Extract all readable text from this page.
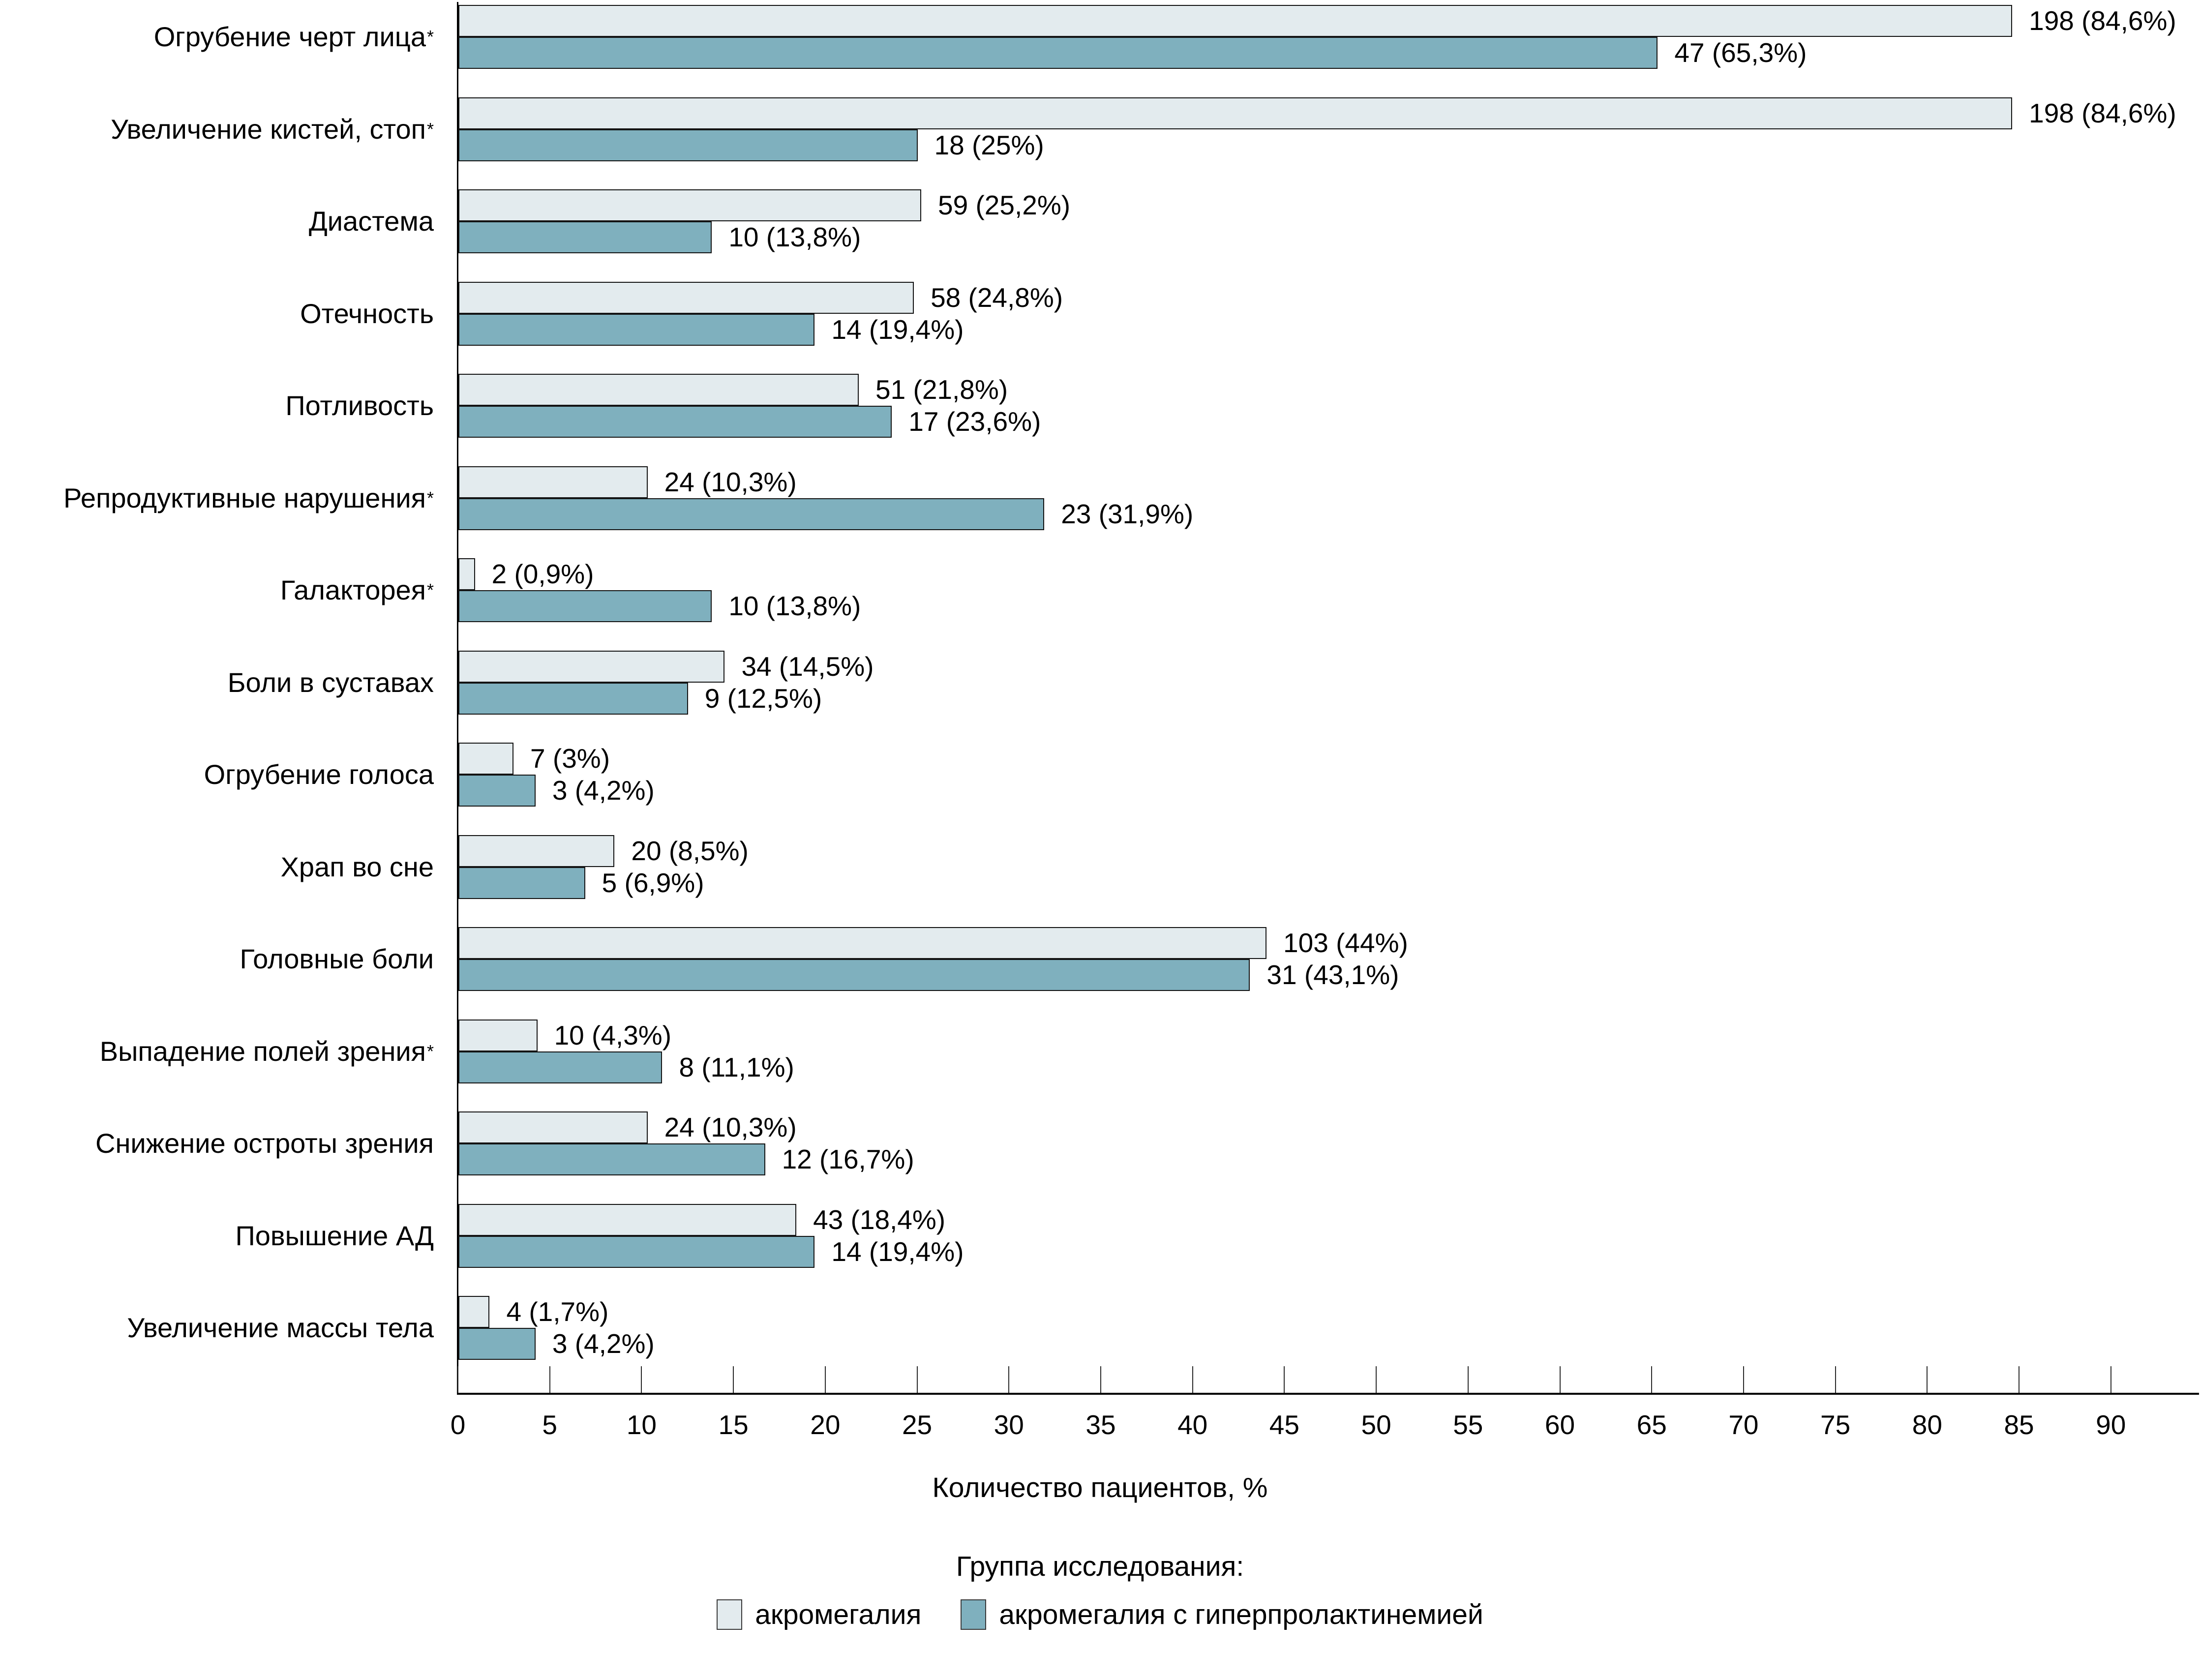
Огрубение черт лица *
198 (84,6%)
47 (65,3%)
Увеличение кистей, стоп *
198 (84,6%)
18 (25%)
Диастема
59 (25,2%)
10 (13,8%)
Отечность
58 (24,8%)
14 (19,4%)
Потливость
51 (21,8%)
17 (23,6%)
Репродуктивные нарушения *
24 (10,3%)
23 (31,9%)
Галакторея *
2 (0,9%)
10 (13,8%)
Боли в суставах
34 (14,5%)
9 (12,5%)
Огрубение голоса
7 (3%)
3 (4,2%)
Храп во сне
20 (8,5%)
5 (6,9%)
Головные боли
103 (44%)
31 (43,1%)
Выпадение полей зрения *
10 (4,3%)
8 (11,1%)
Снижение остроты зрения
24 (10,3%)
12 (16,7%)
Повышение АД
43 (18,4%)
14 (19,4%)
Увеличение массы тела
4 (1,7%)
3 (4,2%)
0	5	10 15 20 25 30 35 40 45 50 55 60 65 70 75 80 85 90
Количество пациентов, %
Группа исследования:
акромегалия	акромегалия с гиперпролактинемией
